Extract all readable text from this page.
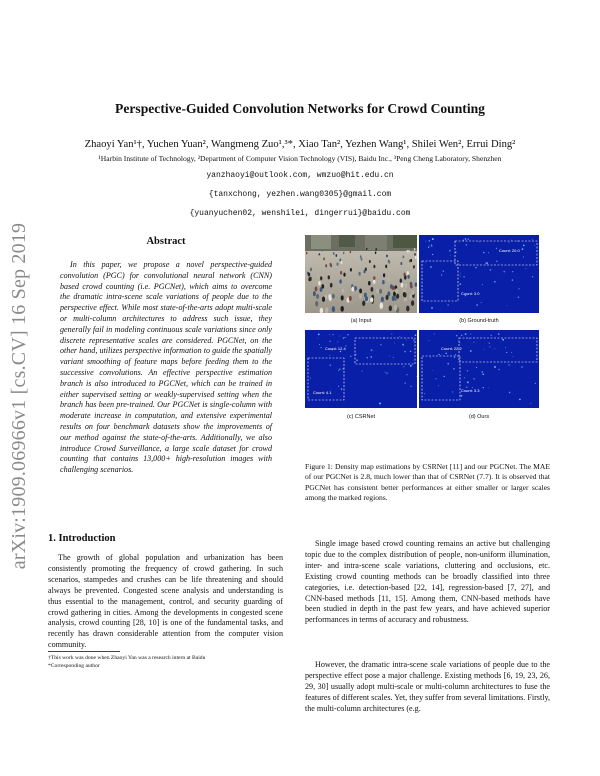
arXiv:1909.06966v1 [cs.CV] 16 Sep 2019
Perspective-Guided Convolution Networks for Crowd Counting
Zhaoyi Yan¹†, Yuchen Yuan², Wangmeng Zuo¹,³*, Xiao Tan², Yezhen Wang¹, Shilei Wen², Errui Ding²
¹Harbin Institute of Technology, ²Department of Computer Vision Technology (VIS), Baidu Inc., ³Peng Cheng Laboratory, Shenzhen
yanzhaoyi@outlook.com, wmzuo@hit.edu.cn
{tanxchong, yezhen.wang0305}@gmail.com
{yuanyuchen02, wenshilei, dingerrui}@baidu.com
Abstract
In this paper, we propose a novel perspective-guided convolution (PGC) for convolutional neural network (CNN) based crowd counting (i.e. PGCNet), which aims to overcome the dramatic intra-scene scale variations of people due to the perspective effect. While most state-of-the-arts adopt multi-scale or multi-column architectures to address such issue, they generally fail in modeling continuous scale variations since only discrete representative scales are considered. PGCNet, on the other hand, utilizes perspective information to guide the spatially variant smoothing of feature maps before feeding them to the successive convolutions. An effective perspective estimation branch is also introduced to PGCNet, which can be trained in either supervised setting or weakly-supervised setting when the branch has been pre-trained. Our PGCNet is single-column with moderate increase in computation, and extensive experimental results on four benchmark datasets show the improvements of our method against the state-of-the-arts. Additionally, we also introduce Crowd Surveillance, a large scale dataset for crowd counting that contains 13,000+ high-resolution images with challenging scenarios.
1. Introduction
The growth of global population and urbanization has been consistently promoting the frequency of crowd gathering. In such scenarios, stampedes and crushes can be life threatening and should always be prevented. Congested scene analysis and understanding is thus essential to the management, control, and security guarding of crowd gathering in cities. Among the developments in congested scene analysis, crowd counting [28, 10] is one of the fundamental tasks, and recently has drawn considerable attention from the computer vision community.
†This work was done when Zhaoyi Yan was a research intern at Baidu
*Corresponding author
(a) Input
Count: 20.0
Count: 3.0
(b) Ground-truth
Count: 12.4
Count: 4.1
(c) CSRNet
Count: 22.2
Count: 3.3
(d) Ours
Figure 1: Density map estimations by CSRNet [11] and our PGCNet. The MAE of our PGCNet is 2.8, much lower than that of CSRNet (7.7). It is observed that PGCNet has consistent better performances at either smaller or larger scales among the marked regions.
Single image based crowd counting remains an active but challenging topic due to the complex distribution of people, non-uniform illumination, inter- and intra-scene scale variations, cluttering and occlusions, etc. Existing crowd counting methods can be broadly classified into three categories, i.e. detection-based [22, 14], regression-based [7, 27], and CNN-based methods [11, 15]. Among them, CNN-based methods have been studied in depth in the past few years, and have achieved superior performances in terms of accuracy and robustness.
However, the dramatic intra-scene scale variations of people due to the perspective effect pose a major challenge. Existing methods [6, 19, 23, 26, 29, 30] usually adopt multi-scale or multi-column architectures to fuse the features of different scales. Yet, they suffer from several limitations. Firstly, the multi-column architectures (e.g.
